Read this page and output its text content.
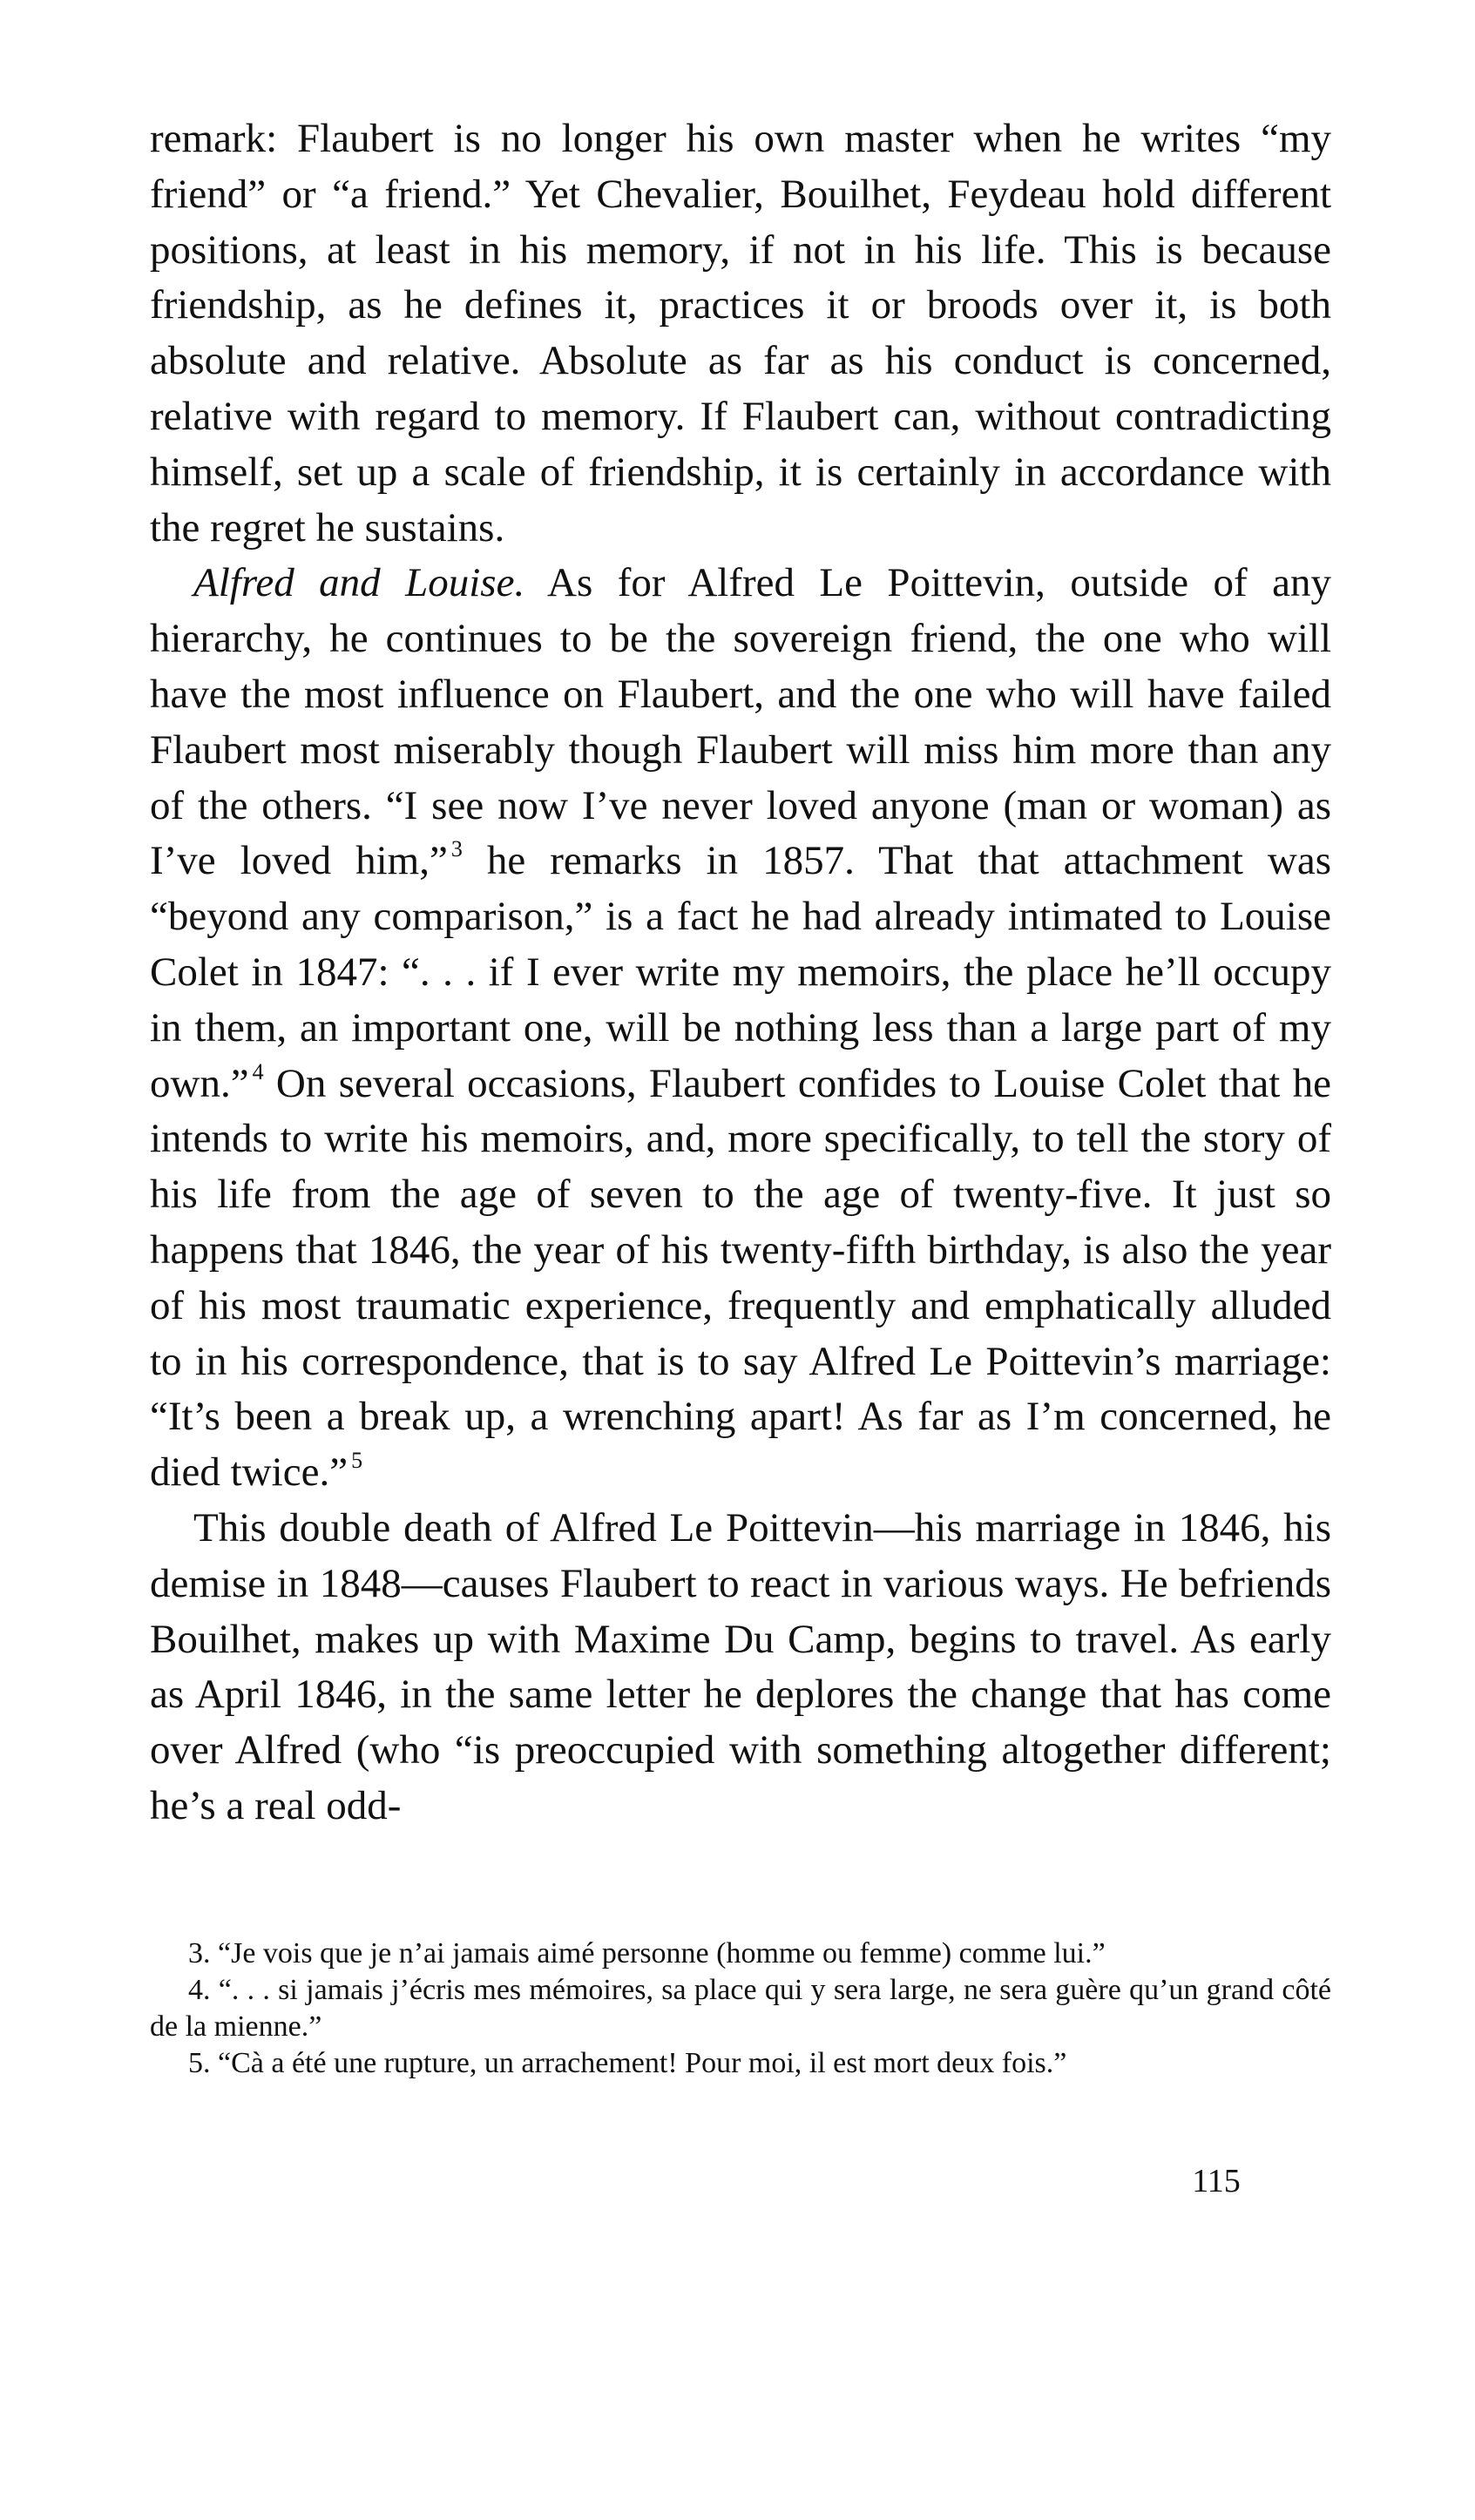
remark: Flaubert is no longer his own master when he writes “my friend” or “a friend.” Yet Chevalier, Bouilhet, Feydeau hold different positions, at least in his memory, if not in his life. This is because friendship, as he defines it, practices it or broods over it, is both absolute and relative. Absolute as far as his conduct is concerned, relative with regard to memory. If Flaubert can, without contradicting himself, set up a scale of friendship, it is certainly in accordance with the regret he sustains.

Alfred and Louise. As for Alfred Le Poittevin, outside of any hierarchy, he continues to be the sovereign friend, the one who will have the most influence on Flaubert, and the one who will have failed Flaubert most miserably though Flaubert will miss him more than any of the others. “I see now I’ve never loved anyone (man or woman) as I’ve loved him,” $^3$ he remarks in 1857. That that attachment was “beyond any comparison,” is a fact he had already intimated to Louise Colet in 1847: “. . . if I ever write my memoirs, the place he’ll occupy in them, an important one, will be nothing less than a large part of my own.” $^4$ On several occasions, Flaubert confides to Louise Colet that he intends to write his memoirs, and, more specifically, to tell the story of his life from the age of seven to the age of twenty-five. It just so happens that 1846, the year of his twenty-fifth birthday, is also the year of his most traumatic experience, frequently and emphatically alluded to in his correspondence, that is to say Alfred Le Poittevin’s marriage: “It’s been a break up, a wrenching apart! As far as I’m concerned, he died twice.” $^5$

This double death of Alfred Le Poittevin—his marriage in 1846, his demise in 1848—causes Flaubert to react in various ways. He befriends Bouilhet, makes up with Maxime Du Camp, begins to travel. As early as April 1846, in the same letter he deplores the change that has come over Alfred (who “is preoccupied with something altogether different; he’s a real odd-

3. “Je vois que je n’ai jamais aimé personne (homme ou femme) comme lui.”

4. “. . . si jamais j’écris mes mémoires, sa place qui y sera large, ne sera guère qu’un grand côté de la mienne.”

5. “Cà a été une rupture, un arrachement! Pour moi, il est mort deux fois.”

115
